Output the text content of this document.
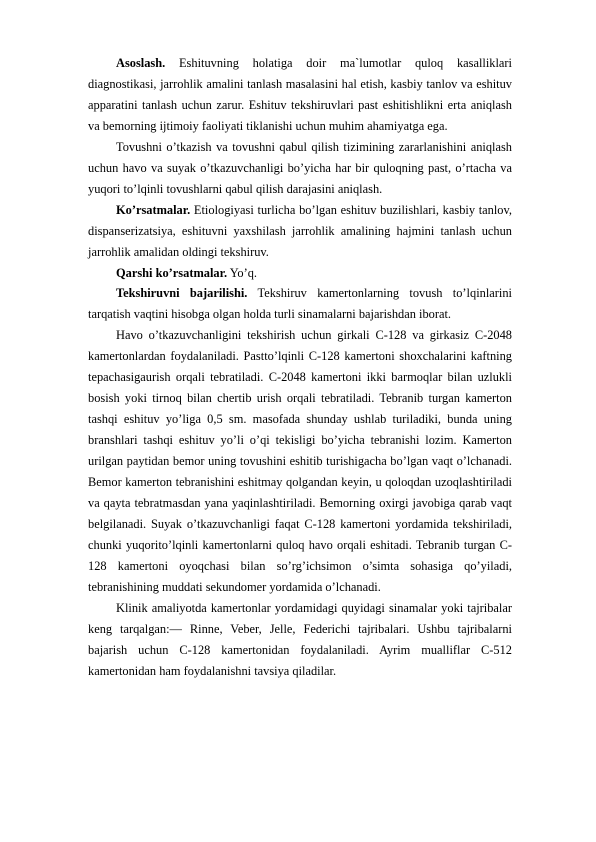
Asoslash. Eshituvning holatiga doir ma`lumotlar quloq kasalliklari diagnostikasi, jarrohlik amalini tanlash masalasini hal etish, kasbiy tanlov va eshituv apparatini tanlash uchun zarur. Eshituv tekshiruvlari past eshitishlikni erta aniqlash va bemorning ijtimoiy faoliyati tiklanishi uchun muhim ahamiyatga ega.

Tovushni o’tkazish va tovushni qabul qilish tizimining zararlanishini aniqlash uchun havo va suyak o’tkazuvchanligi bo’yicha har bir quloqning past, o’rtacha va yuqori to’lqinli tovushlarni qabul qilish darajasini aniqlash.

Ko’rsatmalar. Etiologiyasi turlicha bo’lgan eshituv buzilishlari, kasbiy tanlov, dispanserizatsiya, eshituvni yaxshilash jarrohlik amalining hajmini tanlash uchun jarrohlik amalidan oldingi tekshiruv.

Qarshi ko’rsatmalar. Yo’q.

Tekshiruvni bajarilishi. Tekshiruv kamertonlarning tovush to’lqinlarini tarqatish vaqtini hisobga olgan holda turli sinamalarni bajarishdan iborat.

Havo o’tkazuvchanligini tekshirish uchun girkali C-128 va girkasiz C-2048 kamertonlardan foydalaniladi. Pastto’lqinli C-128 kamertoni shoxchalarini kaftning tepachasigaurish orqali tebratiladi. C-2048 kamertoni ikki barmoqlar bilan uzlukli bosish yoki tirnoq bilan chertib urish orqali tebratiladi. Tebranib turgan kamerton tashqi eshituv yo’liga 0,5 sm. masofada shunday ushlab turiladiki, bunda uning branshlari tashqi eshituv yo’li o’qi tekisligi bo’yicha tebranishi lozim. Kamerton urilgan paytidan bemor uning tovushini eshitib turishigacha bo’lgan vaqt o’lchanadi. Bemor kamerton tebranishini eshitmay qolgandan keyin, u qoloqdan uzoqlashtiriladi va qayta tebratmasdan yana yaqinlashtiriladi. Bemorning oxirgi javobiga qarab vaqt belgilanadi. Suyak o’tkazuvchanligi faqat C-128 kamertoni yordamida tekshiriladi, chunki yuqorito’lqinli kamertonlarni quloq havo orqali eshitadi. Tebranib turgan C-128 kamertoni oyoqchasi bilan so’rg’ichsimon o’simta sohasiga qo’yiladi, tebranishining muddati sekundomer yordamida o’lchanadi.

Klinik amaliyotda kamertonlar yordamidagi quyidagi sinamalar yoki tajribalar keng tarqalgan:— Rinne, Veber, Jelle, Federichi tajribalari. Ushbu tajribalarni bajarish uchun C-128 kamertonidan foydalaniladi. Ayrim mualliflar C-512 kamertonidan ham foydalanishni tavsiya qiladilar.
